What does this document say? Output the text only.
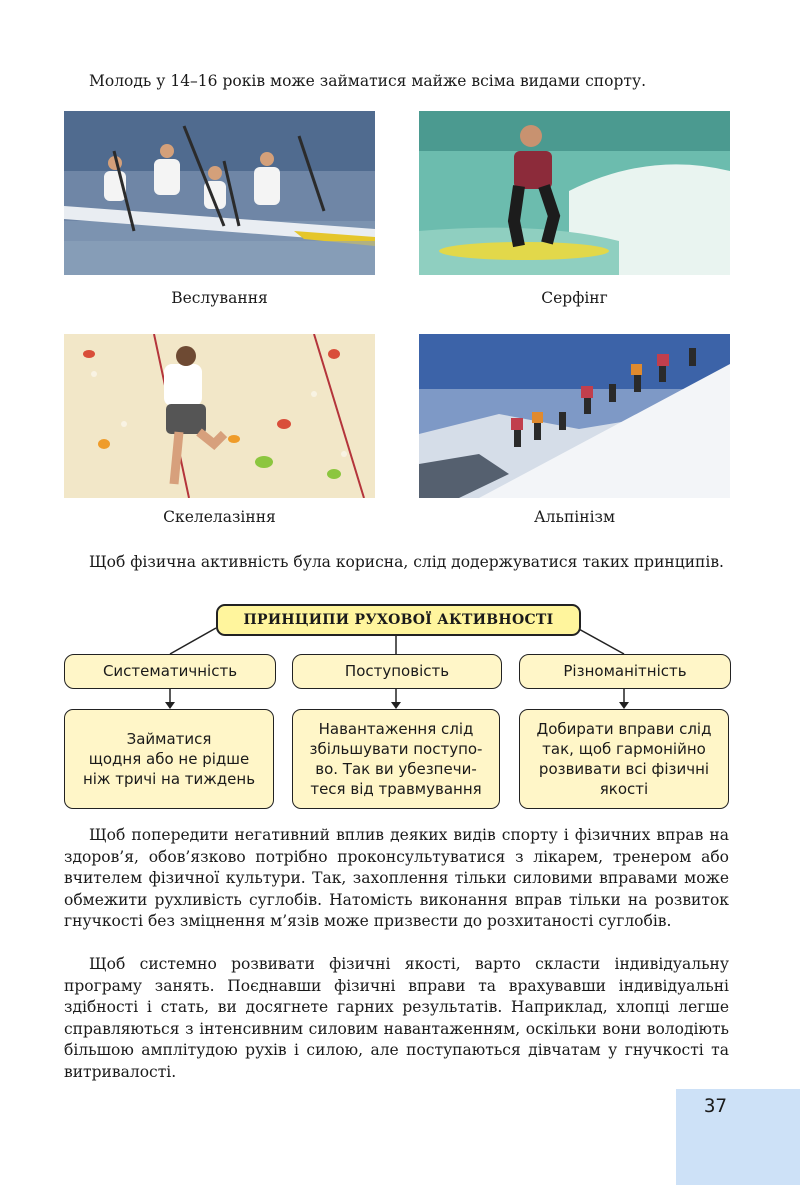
Молодь у 14–16 років може займатися майже всіма видами спорту.
Веслування	Серфінг
Скелелазіння	Альпінізм
Щоб фізична активність була корисна, слід додержуватися таких принципів.
ПРИНЦИПИ РУХОВОЇ АКТИВНОСТІ
Систематичність	Поступовість	Різноманітність
Займатися
щодня або не рідше
ніж тричі на тиждень
Навантаження слід
збільшувати поступо-
во. Так ви убезпечи-
теся від травмування
Добирати вправи слід
так, щоб гармонійно
розвивати всі фізичні
якості
Щоб попередити негативний вплив деяких видів спорту і фізичних вправ на здоров’я, обов’язково потрібно проконсультуватися з лікарем, тренером або вчителем фізичної культури. Так, захоплення тільки силовими вправами може обмежити рухливість суглобів. Натомість виконання вправ тільки на розвиток гнучкості без зміцнення м’язів може призвести до розхитаності суглобів.
Щоб системно розвивати фізичні якості, варто скласти індивідуальну програму занять. Поєднавши фізичні вправи та врахувавши індивідуальні здібності і стать, ви досягнете гарних результатів. Наприклад, хлопці легше справляються з інтенсивним силовим навантаженням, оскільки вони володіють більшою амплітудою рухів і силою, але поступаються дівчатам у гнучкості та витривалості.
37
